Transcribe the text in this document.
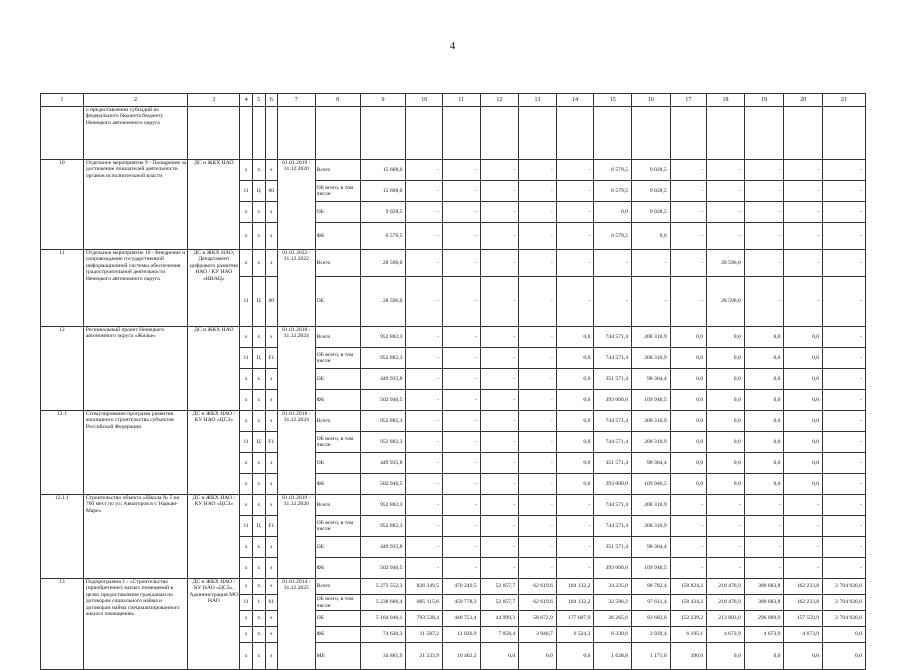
4
1	2	3	4	5	6	7	8	9	10	11	12	13	14	15	16	17	18	19	20	21
	о предоставлении субсидий из федерального бюджета бюджету Ненецкого автономного округа																			
10	Отдельное мероприятие 9 - Поощрение за достижение показателей деятельности органов исполнительной власти	ДС и ЖКХ НАО	x	x	x	01.01.2019 - 31.12.2020	Всего	15 608,0	-	-	-	-	-	6 579,5	9 028,5	-	-	-	-	-
			11	Ц	00		ОБ всего, в том числе:	15 608,0	-	-	-	-	-	6 579,5	9 028,5	-	-	-	-	-
			x	x	x		ОБ	9 028,5	-	-	-	-	-	0,0	9 028,5	-	-	-	-	-
			x	x	x		ФБ	6 579,5	-	-	-	-	-	6 579,5	0,0	-	-	-	-	-
11	Отдельное мероприятие 10 - Внедрение и сопровождение государственной информационной системы обеспечения градостроительной деятельности Ненецкого автономного округа	ДС и ЖКХ НАО, Департамент цифрового развития НАО / КУ НАО «НИАЦ»	x	x	x	01.01.2022 - 31.12.2022	Всего	28 596,0	-	-	-	-	-	-	-	-	28 596,0	-	-	-
			11	Ц	00		ОБ	28 596,0	-	-	-	-	-	-	-	-	28 596,0	-	-	-
12	Региональный проект Ненецкого автономного округа «Жилье»	ДС и ЖКХ НАО	x	x	x	01.01.2018 - 31.12.2024	Всего	952 882,3	-	-	-	-	0,0	744 571,4	208 310,9	0,0	0,0	0,0	0,0	-
			11	Ц	F1		ОБ всего, в том числе:	952 882,3	-	-	-	-	0,0	744 571,4	208 310,9	0,0	0,0	0,0	0,0	-
			x	x	x		ОБ	449 935,8	-	-	-	-	0,0	351 571,4	98 364,4	0,0	0,0	0,0	0,0	-
			x	x	x		ФБ	502 946,5	-	-	-	-	0,0	393 000,0	109 946,5	0,0	0,0	0,0	0,0	-
12.1	Стимулирование программ развития жилищного строительства субъектов Российской Федерации	ДС и ЖКХ НАО / КУ НАО «ЦСЗ»	x	x	x	01.01.2018 - 31.12.2024	Всего	952 882,3	-	-	-	-	0,0	744 571,4	208 310,9	0,0	0,0	0,0	0,0	-
			11	Ц	F1		ОБ всего, в том числе:	952 882,3	-	-	-	-	0,0	744 571,4	208 310,9	0,0	0,0	0,0	0,0	-
			x	x	x		ОБ	449 935,8	-	-	-	-	0,0	351 571,4	98 364,4	0,0	0,0	0,0	0,0	-
			x	x	x		ФБ	502 946,5	-	-	-	-	0,0	393 000,0	109 946,5	0,0	0,0	0,0	0,0	-
12.1.1	Строительство объекта «Школа № 5 на 700 мест по ул. Авиаторов в г. Нарьян-Маре»	ДС и ЖКХ НАО / КУ НАО «ЦСЗ»	x	x	x	01.01.2019 - 31.12.2020	Всего	952 882,3	-	-	-	-	-	744 571,4	208 310,9	-	-	-	-	-
			11	Ц	F1		ОБ всего, в том числе:	952 882,3	-	-	-	-	-	744 571,4	208 310,9	-	-	-	-	-
			x	x	x		ОБ	449 935,8	-	-	-	-	-	351 571,4	98 364,4	-	-	-	-	-
			x	x	x		ФБ	502 946,5	-	-	-	-	-	393 000,0	109 946,5	-	-	-	-	-
13	Подпрограмма 1 - «Строительство (приобретение) жилых помещений в целях предоставления гражданам по договорам социального найма и договорам найма специализированного жилого помещения»	ДС и ЖКХ НАО / КУ НАО «ЦСЗ», Администрация МО НАО	x	x	x	01.01.2014 - 31.12.2025	Всего	5 273 552,3	826 349,5	470 240,5	52 057,7	62 619,6	184 132,2	34 225,0	98 782,4	158 824,3	218 476,9	300 683,8	162 233,8	2 704 926,6
			11	1	01		ОБ всего, в том числе:	5 238 666,4	805 115,6	459 778,3	52 057,7	62 619,6	184 132,2	32 596,2	97 611,4	158 434,3	218 476,9	300 683,8	162 233,8	2 704 926,6
			x	x	x		ОБ	5 164 046,1	793 528,4	448 751,4	44 999,3	58 672,9	177 607,9	26 265,6	93 682,0	152 239,2	213 803,0	296 009,9	157 559,9	2 704 926,6
			x	x	x		ФБ	74 620,3	11 587,2	11 026,9	7 058,4	3 946,7	6 524,3	6 330,6	3 929,4	6 195,1	4 673,9	4 673,9	4 673,9	0,0
			x	x	x		МБ	34 885,9	21 233,9	10 462,2	0,0	0,0	0,0	1 628,8	1 171,0	390,0	0,0	0,0	0,0	0,0
